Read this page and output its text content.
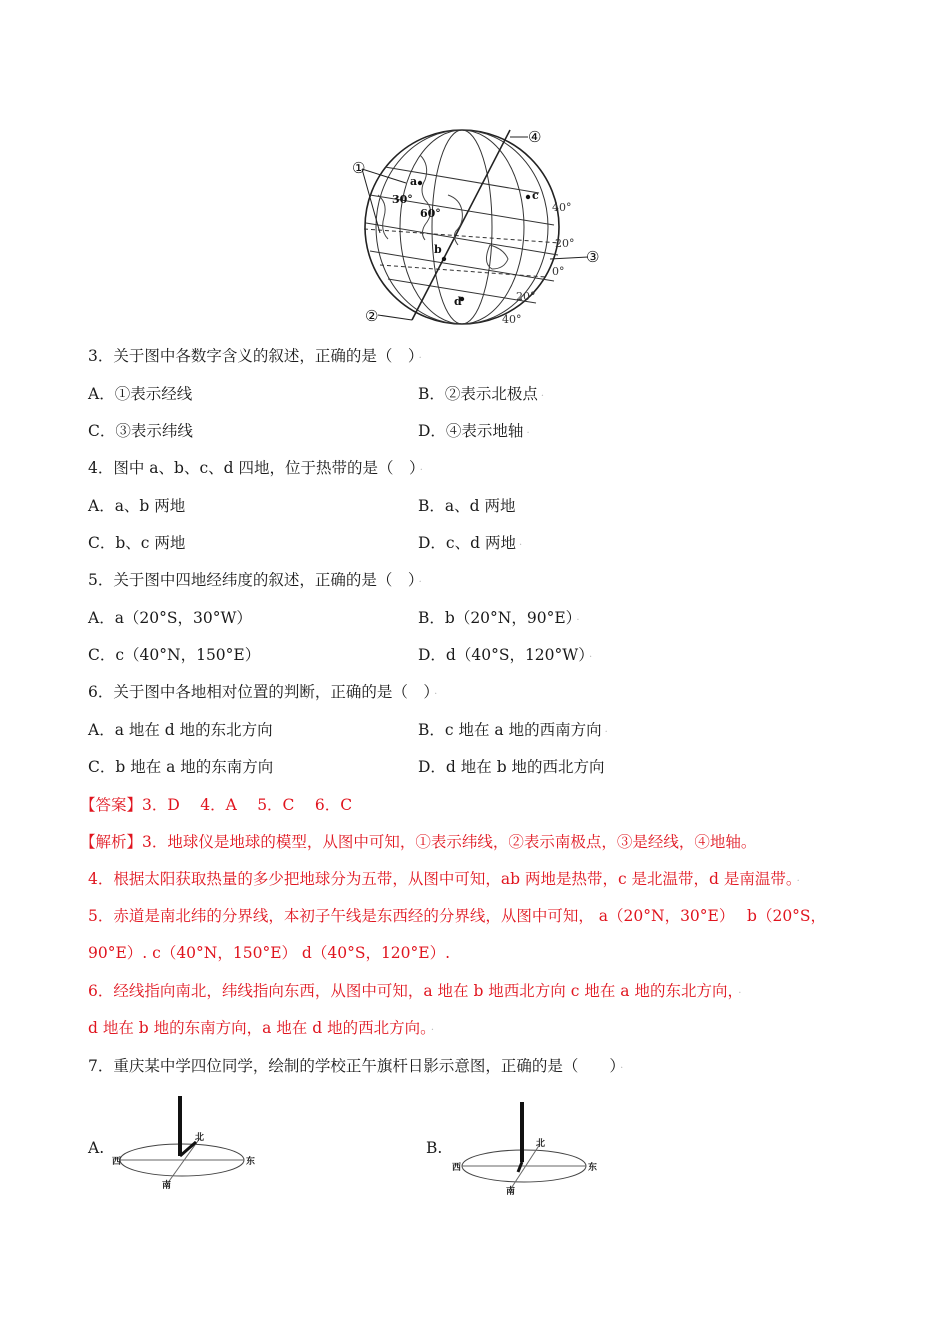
①
②
③
④
a
b
c
d
30°
60°	40°
20°
0°
20°
40°
3．关于图中各数字含义的叙述，正确的是（　） ·
A．①表示经线	B．②表示北极点 ·
C．③表示纬线	D．④表示地轴 ·
4．图中 a、b、c、d 四地，位于热带的是（　） ·
A．a、b 两地	B．a、d 两地
C．b、c 两地	D．c、d 两地 ·
5．关于图中四地经纬度的叙述，正确的是（　） ·
A．a（20°S，30°W）	B．b（20°N，90°E） ·
C．c（40°N，150°E）	D．d（40°S，120°W） ·
6．关于图中各地相对位置的判断，正确的是（　） ·
A．a 地在 d 地的东北方向	B．c 地在 a 地的西南方向 ·
C．b 地在 a 地的东南方向	D．d 地在 b 地的西北方向
【答案】3．D　 4．A　 5．C　 6．C
【解析】3．地球仪是地球的模型，从图中可知，①表示纬线，②表示南极点，③是经线，④地轴。
4．根据太阳获取热量的多少把地球分为五带，从图中可知，ab 两地是热带，c 是北温带，d 是南温带。 ·
5．赤道是南北纬的分界线，本初子午线是东西经的分界线，从图中可知， a（20°N，30°E）　 b（20°S，
90°E）. c（40°N，150°E） d（40°S，120°E）.
6．经线指向南北，纬线指向东西，从图中可知，a 地在 b 地西北方向 c 地在 a 地的东北方向， ·
d 地在 b 地的东南方向，a 地在 d 地的西北方向。 ·
7．重庆某中学四位同学，绘制的学校正午旗杆日影示意图，正确的是（　　） ·
A.	B.
北
南
东
西
北
南
东
西
